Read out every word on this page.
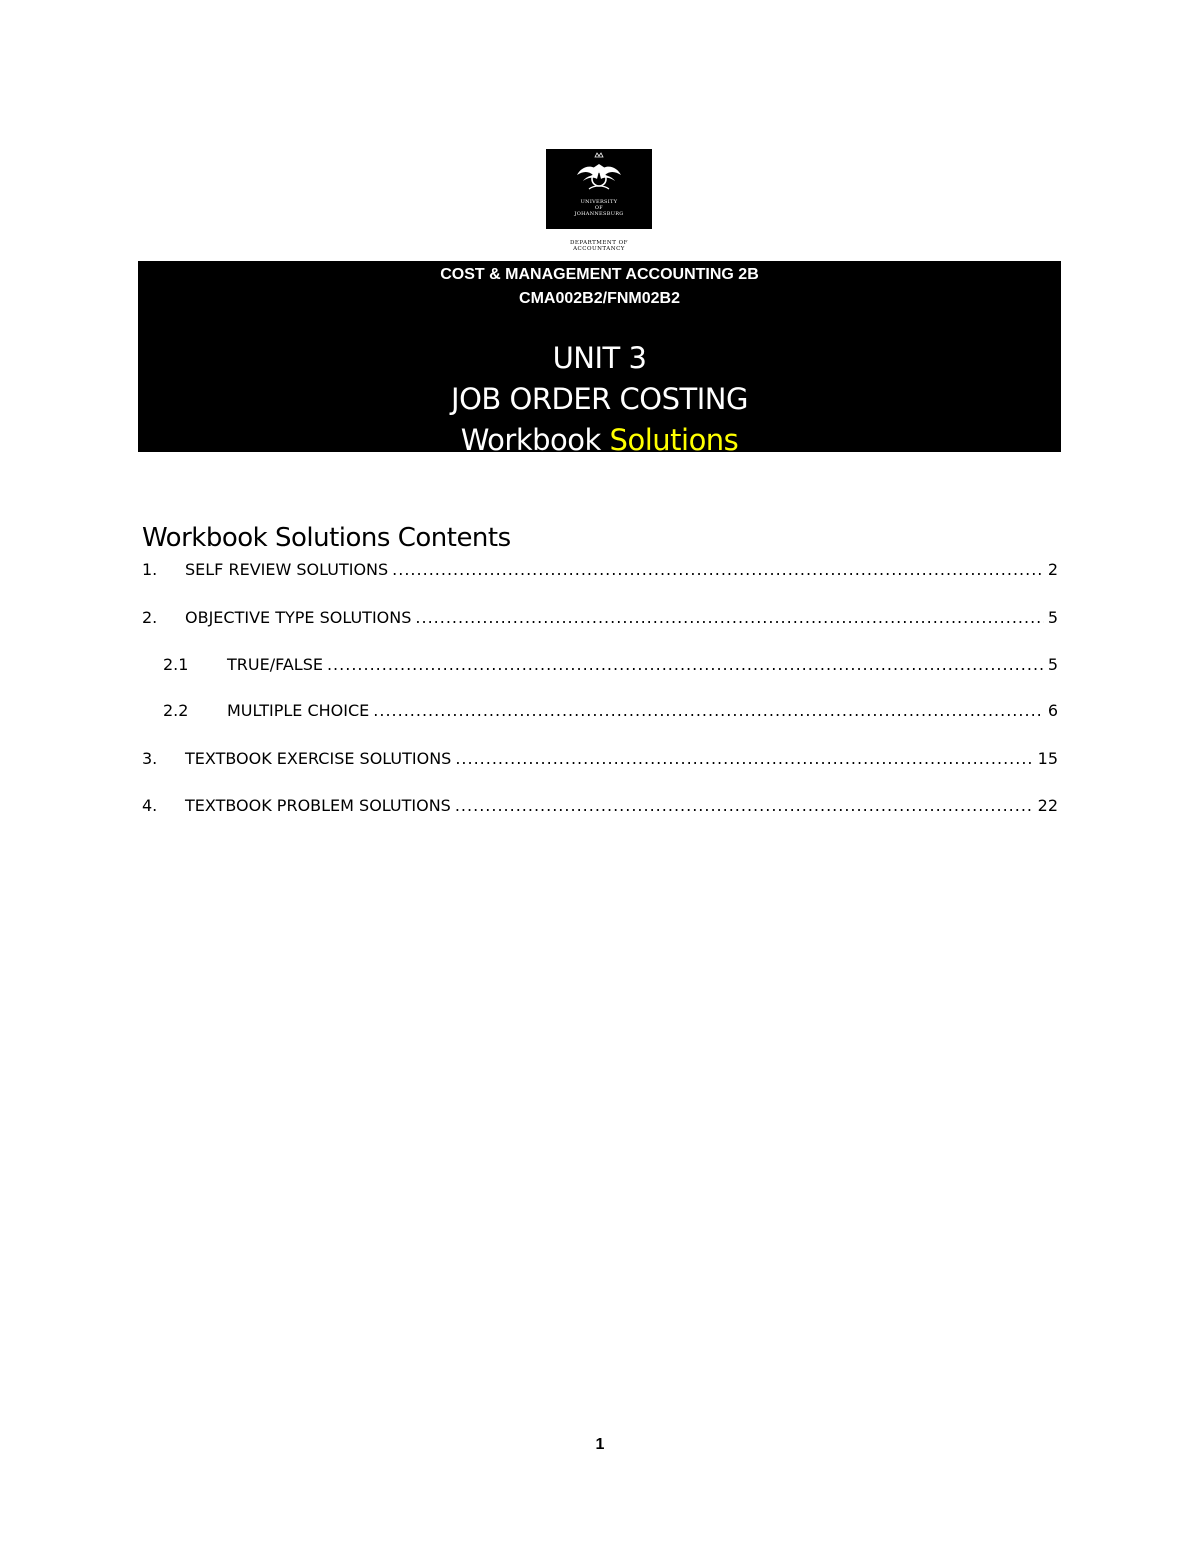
UNIVERSITY
OF
JOHANNESBURG
DEPARTMENT OF
ACCOUNTANCY
COST & MANAGEMENT ACCOUNTING 2B
CMA002B2/FNM02B2
UNIT 3
JOB ORDER COSTING
Workbook Solutions
Workbook Solutions Contents
1.	SELF REVIEW SOLUTIONS .....	2
2.	OBJECTIVE TYPE SOLUTIONS .....	5
2.1	TRUE/FALSE .....	5
2.2	MULTIPLE CHOICE .....	6
3.	TEXTBOOK EXERCISE SOLUTIONS .....	15
4.	TEXTBOOK PROBLEM SOLUTIONS .....	22
1
